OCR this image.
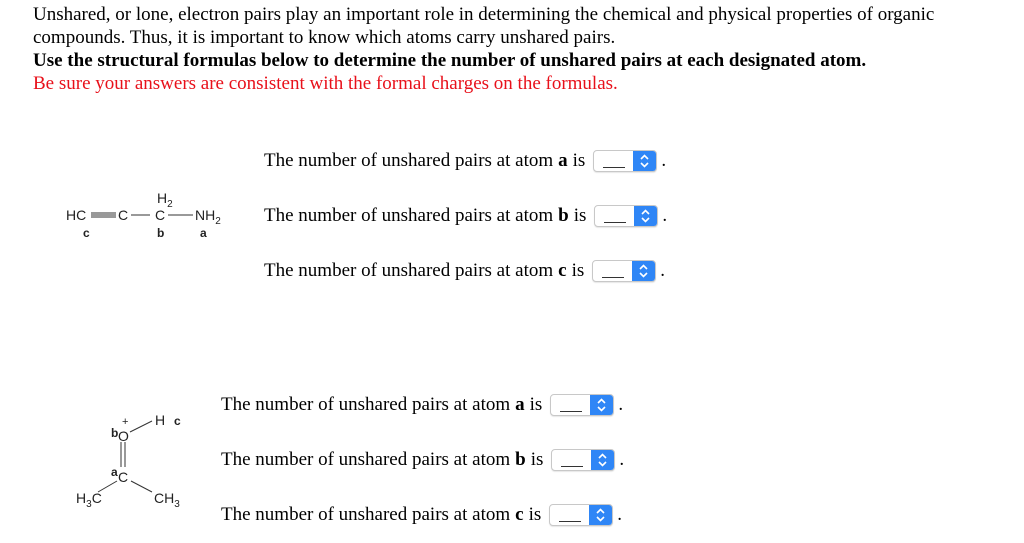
Unshared, or lone, electron pairs play an important role in determining the chemical and physical properties of organic compounds. Thus, it is important to know which atoms carry unshared pairs.

Use the structural formulas below to determine the number of unshared pairs at each designated atom.

Be sure your answers are consistent with the formal charges on the formulas.

HC C
$H_2$
C $NH_2$
c	b	a
b O
+ H c
a C
$H_3C$	$CH_3$
The number of unshared pairs at atom a is	.
The number of unshared pairs at atom b is	.
The number of unshared pairs at atom c is	.
The number of unshared pairs at atom a is	.
The number of unshared pairs at atom b is	.
The number of unshared pairs at atom c is	.
